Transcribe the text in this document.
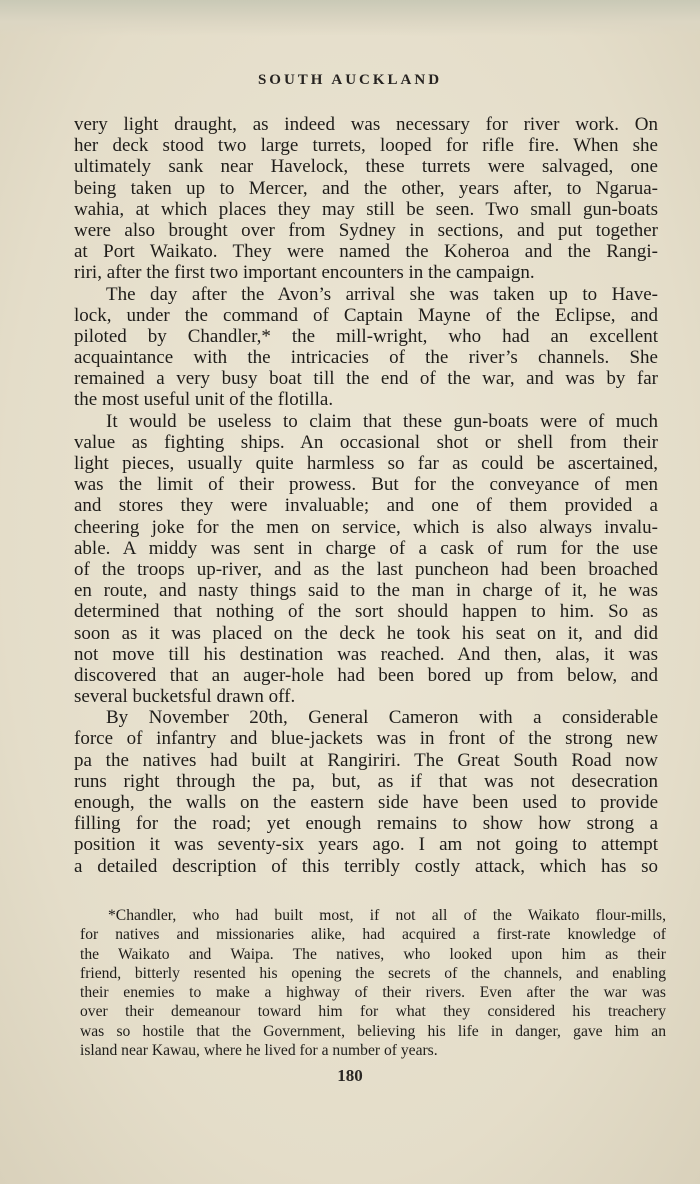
SOUTH AUCKLAND
very light draught, as indeed was necessary for river work. On
her deck stood two large turrets, looped for rifle fire. When she
ultimately sank near Havelock, these turrets were salvaged, one
being taken up to Mercer, and the other, years after, to Ngarua-
wahia, at which places they may still be seen. Two small gun-boats
were also brought over from Sydney in sections, and put together
at Port Waikato. They were named the Koheroa and the Rangi-
riri, after the first two important encounters in the campaign.
The day after the Avon’s arrival she was taken up to Have-
lock, under the command of Captain Mayne of the Eclipse, and
piloted by Chandler,* the mill-wright, who had an excellent
acquaintance with the intricacies of the river’s channels. She
remained a very busy boat till the end of the war, and was by far
the most useful unit of the flotilla.
It would be useless to claim that these gun-boats were of much
value as fighting ships. An occasional shot or shell from their
light pieces, usually quite harmless so far as could be ascertained,
was the limit of their prowess. But for the conveyance of men
and stores they were invaluable; and one of them provided a
cheering joke for the men on service, which is also always invalu-
able. A middy was sent in charge of a cask of rum for the use
of the troops up-river, and as the last puncheon had been broached
en route, and nasty things said to the man in charge of it, he was
determined that nothing of the sort should happen to him. So as
soon as it was placed on the deck he took his seat on it, and did
not move till his destination was reached. And then, alas, it was
discovered that an auger-hole had been bored up from below, and
several bucketsful drawn off.
By November 20th, General Cameron with a considerable
force of infantry and blue-jackets was in front of the strong new
pa the natives had built at Rangiriri. The Great South Road now
runs right through the pa, but, as if that was not desecration
enough, the walls on the eastern side have been used to provide
filling for the road; yet enough remains to show how strong a
position it was seventy-six years ago. I am not going to attempt
a detailed description of this terribly costly attack, which has so
*Chandler, who had built most, if not all of the Waikato flour-mills,
for natives and missionaries alike, had acquired a first-rate knowledge of
the Waikato and Waipa. The natives, who looked upon him as their
friend, bitterly resented his opening the secrets of the channels, and enabling
their enemies to make a highway of their rivers. Even after the war was
over their demeanour toward him for what they considered his treachery
was so hostile that the Government, believing his life in danger, gave him an
island near Kawau, where he lived for a number of years.
180
